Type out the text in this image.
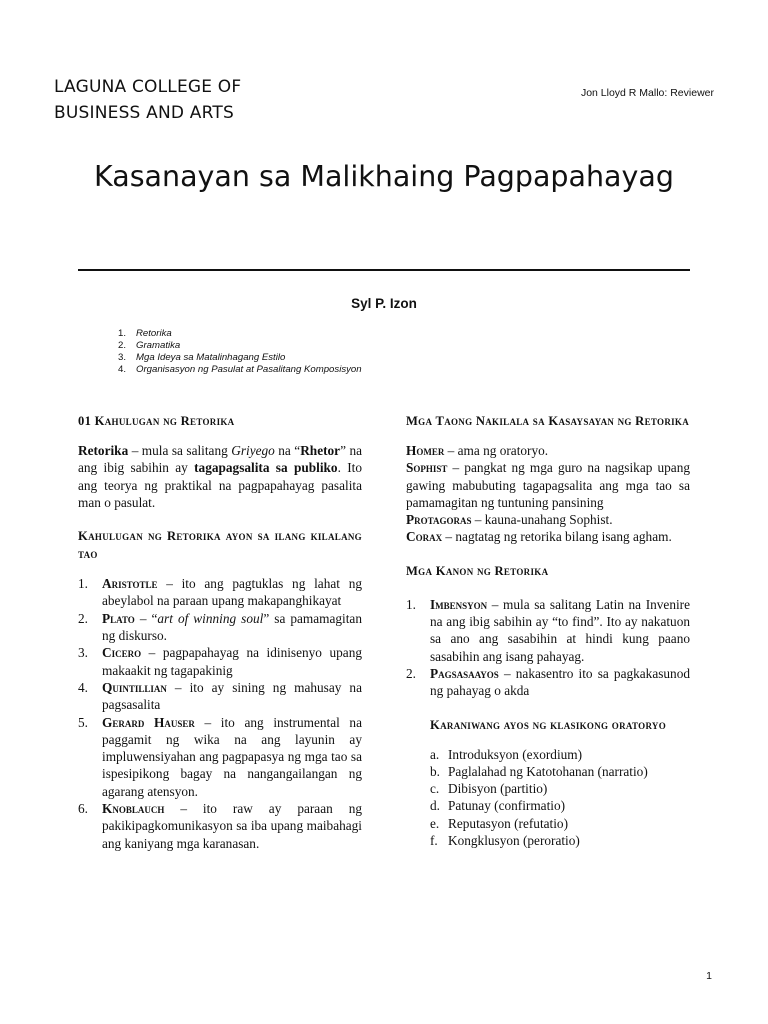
LAGUNA COLLEGE OF
BUSINESS AND ARTS
Jon Lloyd R Mallo: Reviewer
Kasanayan sa Malikhaing Pagpapahayag
Syl P. Izon
1. Retorika
2. Gramatika
3. Mga Ideya sa Matalinhagang Estilo
4. Organisasyon ng Pasulat at Pasalitang Komposisyon
01 Kahulugan ng Retorika

Retorika – mula sa salitang Griyego na “Rhetor” na ang ibig sabihin ay tagapagsalita sa publiko. Ito ang teorya ng praktikal na pagpapahayag pasalita man o pasulat.

Kahulugan ng Retorika ayon sa ilang kilalang tao
1. Aristotle – ito ang pagtuklas ng lahat ng abeylabol na paraan upang makapanghikayat
2. Plato – “art of winning soul” sa pamamagitan ng diskurso.
3. Cicero – pagpapahayag na idinisenyo upang makaakit ng tagapakinig
4. Quintillian – ito ay sining ng mahusay na pagsasalita
5. Gerard Hauser – ito ang instrumental na paggamit ng wika na ang layunin ay impluwensiyahan ang pagpapasya ng mga tao sa ispesipikong bagay na nangangailangan ng agarang atensyon.
6. Knoblauch – ito raw ay paraan ng pakikipagkomunikasyon sa iba upang maibahagi ang kaniyang mga karanasan.
Mga Taong Nakilala sa Kasaysayan ng Retorika

Homer – ama ng oratoryo.

Sophist – pangkat ng mga guro na nagsikap upang gawing mabubuting tagapagsalita ang mga tao sa pamamagitan ng tuntuning pansining

Protagoras – kauna-unahang Sophist.

Corax – nagtatag ng retorika bilang isang agham.

Mga Kanon ng Retorika
1. Imbensyon – mula sa salitang Latin na Invenire na ang ibig sabihin ay “to find”. Ito ay nakatuon sa ano ang sasabihin at hindi kung paano sasabihin ang isang pahayag.
2. Pagsasaayos – nakasentro ito sa pagkakasunod ng pahayag o akda
Karaniwang ayos ng klasikong oratoryo
a. Introduksyon (exordium)
b. Paglalahad ng Katotohanan (narratio)
c. Dibisyon (partitio)
d. Patunay (confirmatio)
e. Reputasyon (refutatio)
f. Kongklusyon (peroratio)
1
